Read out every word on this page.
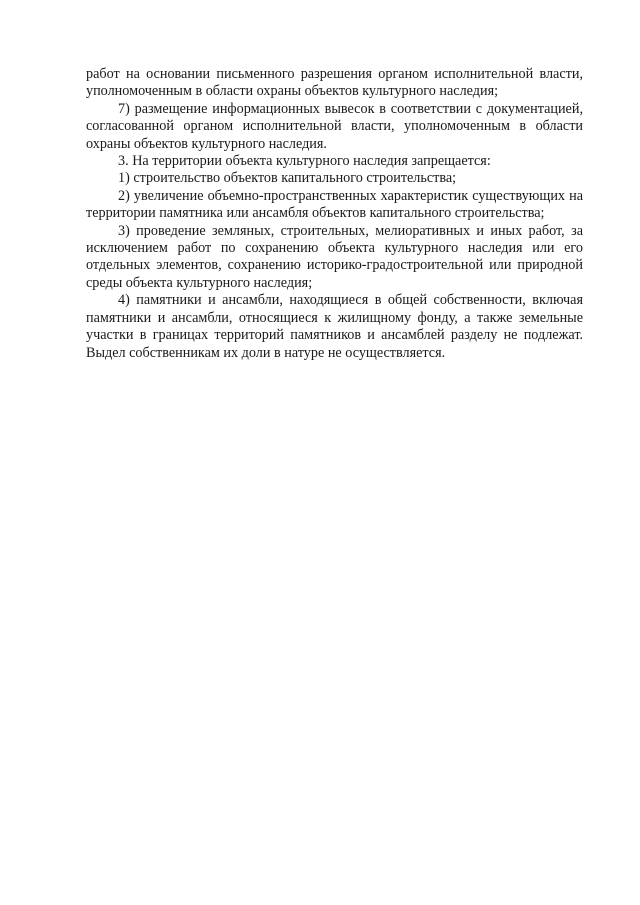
работ на основании письменного разрешения органом исполнительной власти, уполномоченным в области охраны объектов культурного наследия;

7) размещение информационных вывесок в соответствии с документацией, согласованной органом исполнительной власти, уполномоченным в области охраны объектов культурного наследия.

3. На территории объекта культурного наследия запрещается:

1) строительство объектов капитального строительства;

2) увеличение объемно-пространственных характеристик существующих на территории памятника или ансамбля объектов капитального строительства;

3) проведение земляных, строительных, мелиоративных и иных работ, за исключением работ по сохранению объекта культурного наследия или его отдельных элементов, сохранению историко-градостроительной или природной среды объекта культурного наследия;

4) памятники и ансамбли, находящиеся в общей собственности, включая памятники и ансамбли, относящиеся к жилищному фонду, а также земельные участки в границах территорий памятников и ансамблей разделу не подлежат. Выдел собственникам их доли в натуре не осуществляется.
